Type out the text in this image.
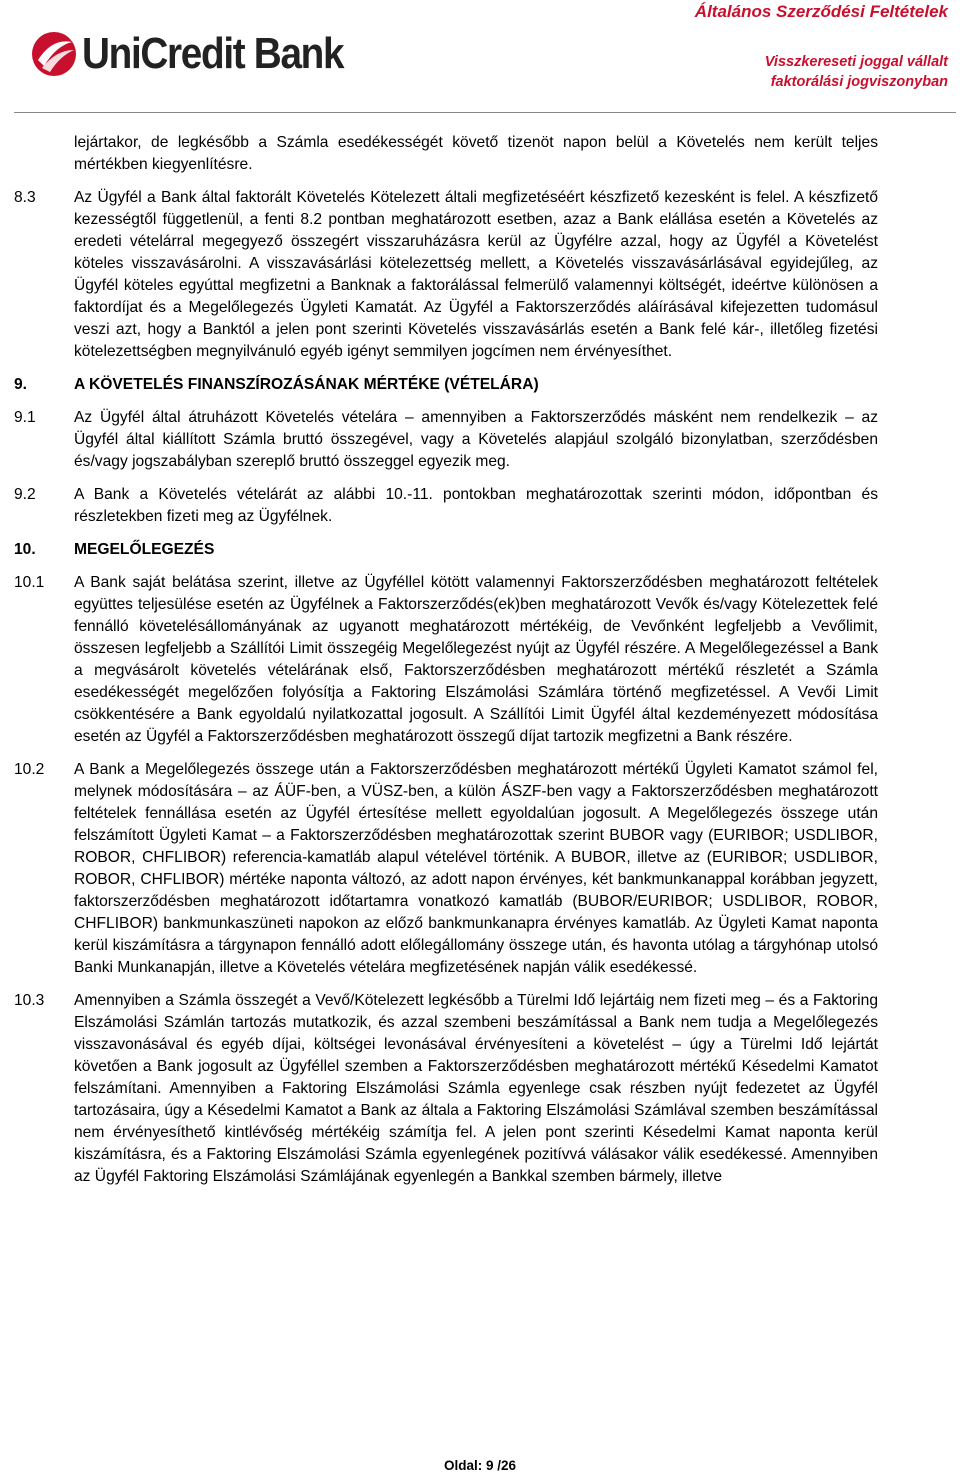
UniCredit Bank
Általános Szerződési Feltételek
Visszkereseti joggal vállalt
faktorálási jogviszonyban
lejártakor, de legkésőbb a Számla esedékességét követő tizenöt napon belül a Követelés nem került teljes mértékben kiegyenlítésre.
8.3	Az Ügyfél a Bank által faktorált Követelés Kötelezett általi megfizetéséért készfizető kezesként is felel. A készfizető kezességtől függetlenül, a fenti 8.2 pontban meghatározott esetben, azaz a Bank elállása esetén a Követelés az eredeti vételárral megegyező összegért visszaruházásra kerül az Ügyfélre azzal, hogy az Ügyfél a Követelést köteles visszavásárolni. A visszavásárlási kötelezettség mellett, a Követelés visszavásárlásával egyidejűleg, az Ügyfél köteles egyúttal megfizetni a Banknak a faktorálással felmerülő valamennyi költségét, ideértve különösen a faktordíjat és a Megelőlegezés Ügyleti Kamatát. Az Ügyfél a Faktorszerződés aláírásával kifejezetten tudomásul veszi azt, hogy a Banktól a jelen pont szerinti Követelés visszavásárlás esetén a Bank felé kár-, illetőleg fizetési kötelezettségben megnyilvánuló egyéb igényt semmilyen jogcímen nem érvényesíthet.
9.	A KÖVETELÉS FINANSZÍROZÁSÁNAK MÉRTÉKE (VÉTELÁRA)
9.1	Az Ügyfél által átruházott Követelés vételára – amennyiben a Faktorszerződés másként nem rendelkezik – az Ügyfél által kiállított Számla bruttó összegével, vagy a Követelés alapjául szolgáló bizonylatban, szerződésben és/vagy jogszabályban szereplő bruttó összeggel egyezik meg.
9.2	A Bank a Követelés vételárát az alábbi 10.-11. pontokban meghatározottak szerinti módon, időpontban és részletekben fizeti meg az Ügyfélnek.
10.	MEGELŐLEGEZÉS
10.1	A Bank saját belátása szerint, illetve az Ügyféllel kötött valamennyi Faktorszerződésben meghatározott feltételek együttes teljesülése esetén az Ügyfélnek a Faktorszerződés(ek)ben meghatározott Vevők és/vagy Kötelezettek felé fennálló követelésállományának az ugyanott meghatározott mértékéig, de Vevőnként legfeljebb a Vevőlimit, összesen legfeljebb a Szállítói Limit összegéig Megelőlegezést nyújt az Ügyfél részére. A Megelőlegezéssel a Bank a megvásárolt követelés vételárának első, Faktorszerződésben meghatározott mértékű részletét a Számla esedékességét megelőzően folyósítja a Faktoring Elszámolási Számlára történő megfizetéssel. A Vevői Limit csökkentésére a Bank egyoldalú nyilatkozattal jogosult. A Szállítói Limit Ügyfél által kezdeményezett módosítása esetén az Ügyfél a Faktorszerződésben meghatározott összegű díjat tartozik megfizetni a Bank részére.
10.2	A Bank a Megelőlegezés összege után a Faktorszerződésben meghatározott mértékű Ügyleti Kamatot számol fel, melynek módosítására – az ÁÜF-ben, a VÜSZ-ben, a külön ÁSZF-ben vagy a Faktorszerződésben meghatározott feltételek fennállása esetén az Ügyfél értesítése mellett egyoldalúan jogosult. A Megelőlegezés összege után felszámított Ügyleti Kamat – a Faktorszerződésben meghatározottak szerint BUBOR vagy (EURIBOR; USDLIBOR, ROBOR, CHFLIBOR) referencia-kamatláb alapul vételével történik. A BUBOR, illetve az (EURIBOR; USDLIBOR, ROBOR, CHFLIBOR) mértéke naponta változó, az adott napon érvényes, két bankmunkanappal korábban jegyzett, faktorszerződésben meghatározott időtartamra vonatkozó kamatláb (BUBOR/EURIBOR; USDLIBOR, ROBOR, CHFLIBOR) bankmunkaszüneti napokon az előző bankmunkanapra érvényes kamatláb. Az Ügyleti Kamat naponta kerül kiszámításra a tárgynapon fennálló adott előlegállomány összege után, és havonta utólag a tárgyhónap utolsó Banki Munkanapján, illetve a Követelés vételára megfizetésének napján válik esedékessé.
10.3	Amennyiben a Számla összegét a Vevő/Kötelezett legkésőbb a Türelmi Idő lejártáig nem fizeti meg – és a Faktoring Elszámolási Számlán tartozás mutatkozik, és azzal szembeni beszámítással a Bank nem tudja a Megelőlegezés visszavonásával és egyéb díjai, költségei levonásával érvényesíteni a követelést – úgy a Türelmi Idő lejártát követően a Bank jogosult az Ügyféllel szemben a Faktorszerződésben meghatározott mértékű Késedelmi Kamatot felszámítani. Amennyiben a Faktoring Elszámolási Számla egyenlege csak részben nyújt fedezetet az Ügyfél tartozásaira, úgy a Késedelmi Kamatot a Bank az általa a Faktoring Elszámolási Számlával szemben beszámítással nem érvényesíthető kintlévőség mértékéig számítja fel. A jelen pont szerinti Késedelmi Kamat naponta kerül kiszámításra, és a Faktoring Elszámolási Számla egyenlegének pozitívvá válásakor válik esedékessé. Amennyiben az Ügyfél Faktoring Elszámolási Számlájának egyenlegén a Bankkal szemben bármely, illetve
Oldal: 9 /26
